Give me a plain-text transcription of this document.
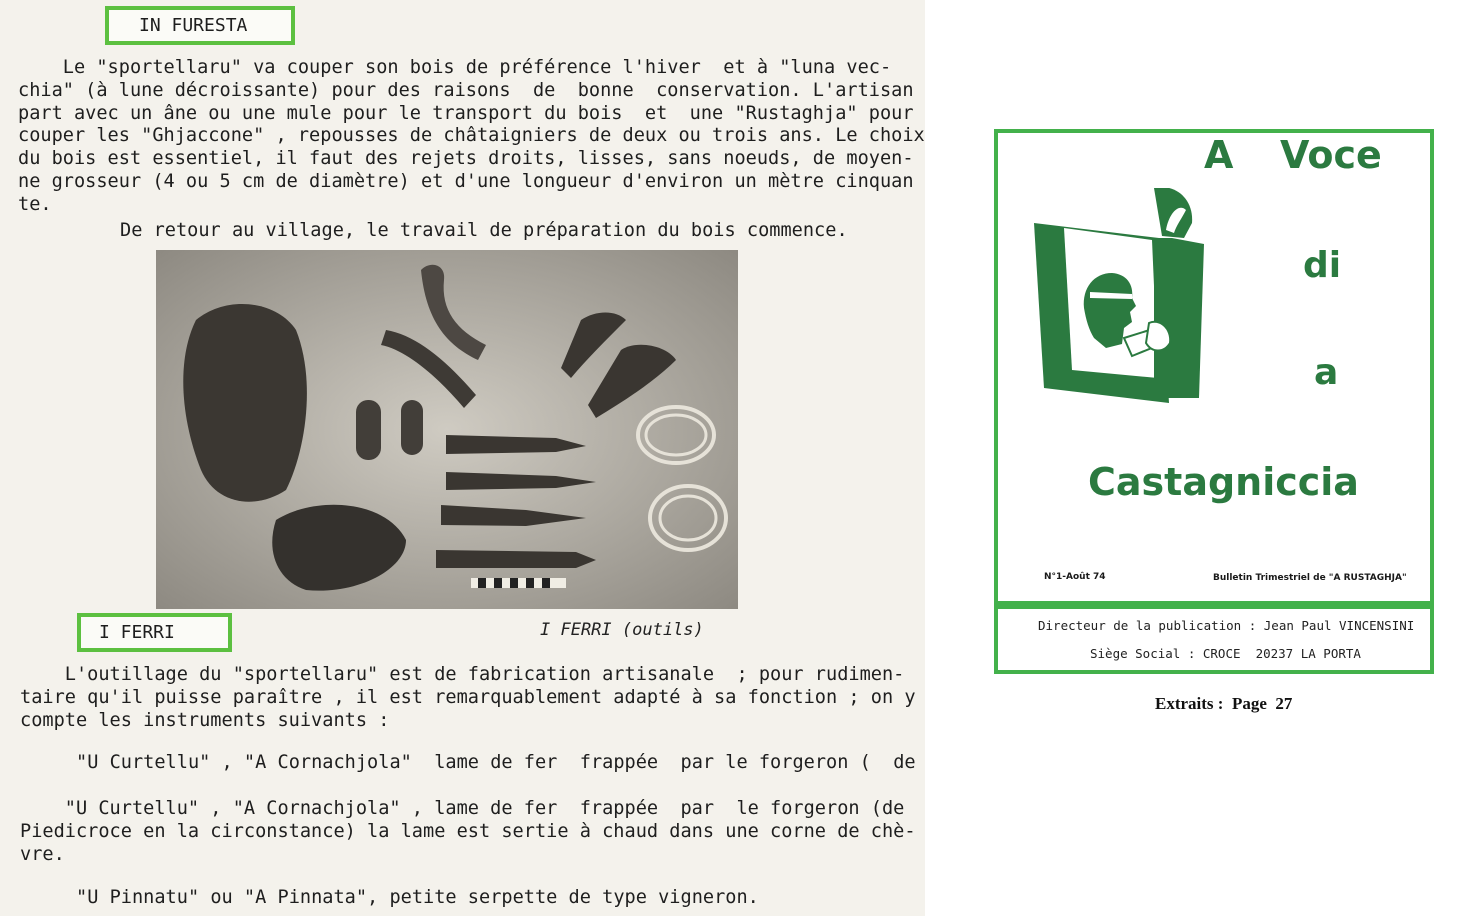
IN FURESTA
Le "sportellaru" va couper son bois de préférence l'hiver  et à "luna vec-
chia" (à lune décroissante) pour des raisons  de  bonne  conservation. L'artisan
part avec un âne ou une mule pour le transport du bois  et  une "Rustaghja" pour
couper les "Ghjaccone" , repousses de châtaigniers de deux ou trois ans. Le choix
du bois est essentiel, il faut des rejets droits, lisses, sans noeuds, de moyen-
ne grosseur (4 ou 5 cm de diamètre) et d'une longueur d'environ un mètre cinquan
te.
De retour au village, le travail de préparation du bois commence.
I FERRI	I FERRI (outils)
L'outillage du "sportellaru" est de fabrication artisanale  ; pour rudimen-
taire qu'il puisse paraître , il est remarquablement adapté à sa fonction ; on y
compte les instruments suivants :
"U Curtellu" , "A Cornachjola"  lame de fer  frappée  par le forgeron (  de
"U Curtellu" , "A Cornachjola" , lame de fer  frappée  par  le forgeron (de
Piedicroce en la circonstance) la lame est sertie à chaud dans une corne de chè-
vre.
"U Pinnatu" ou "A Pinnata", petite serpette de type vigneron.
A Voce
di
a
Castagniccia
N°1-Août 74	Bulletin Trimestriel de "A RUSTAGHJA"
Directeur de la publication : Jean Paul VINCENSINI
Siège Social : CROCE  20237 LA PORTA
Extraits :  Page  27
